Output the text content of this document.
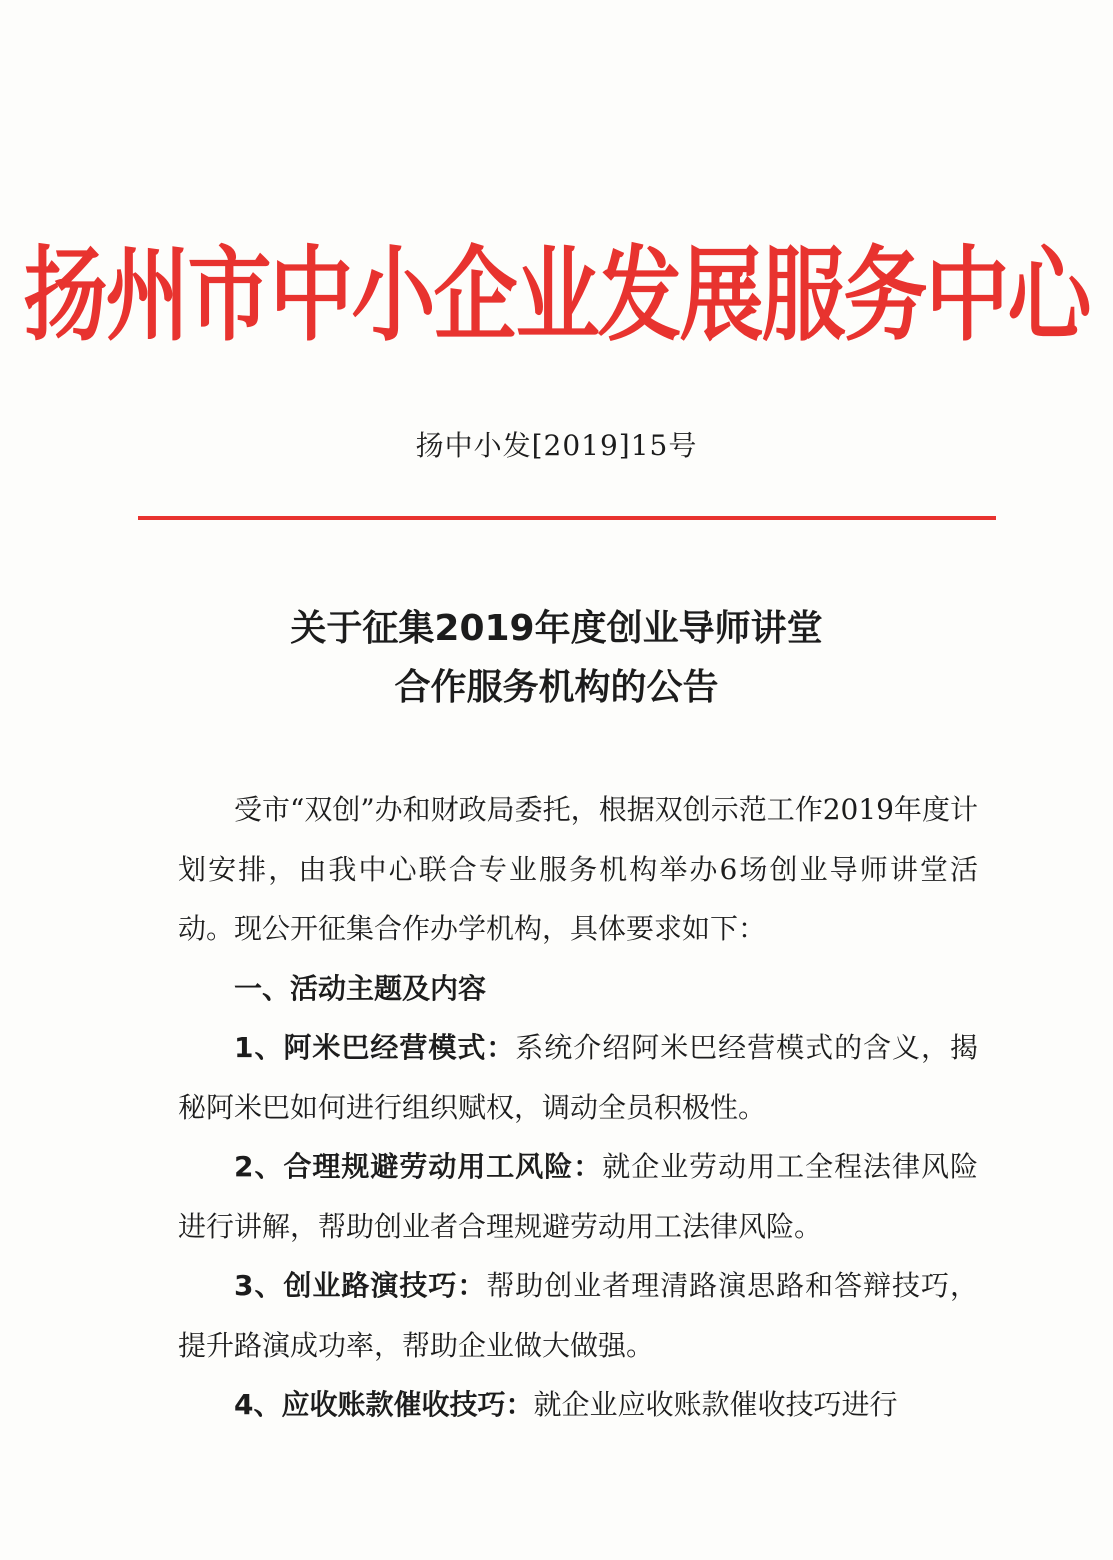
扬州市中小企业发展服务中心
扬中小发[2019]15号
关于征集2019年度创业导师讲堂
合作服务机构的公告

受市“双创”办和财政局委托，根据双创示范工作2019年度计划安排，由我中心联合专业服务机构举办6场创业导师讲堂活动。现公开征集合作办学机构，具体要求如下：

一、活动主题及内容

1、阿米巴经营模式：系统介绍阿米巴经营模式的含义，揭秘阿米巴如何进行组织赋权，调动全员积极性。

2、合理规避劳动用工风险：就企业劳动用工全程法律风险进行讲解，帮助创业者合理规避劳动用工法律风险。

3、创业路演技巧：帮助创业者理清路演思路和答辩技巧，提升路演成功率，帮助企业做大做强。

4、应收账款催收技巧：就企业应收账款催收技巧进行
